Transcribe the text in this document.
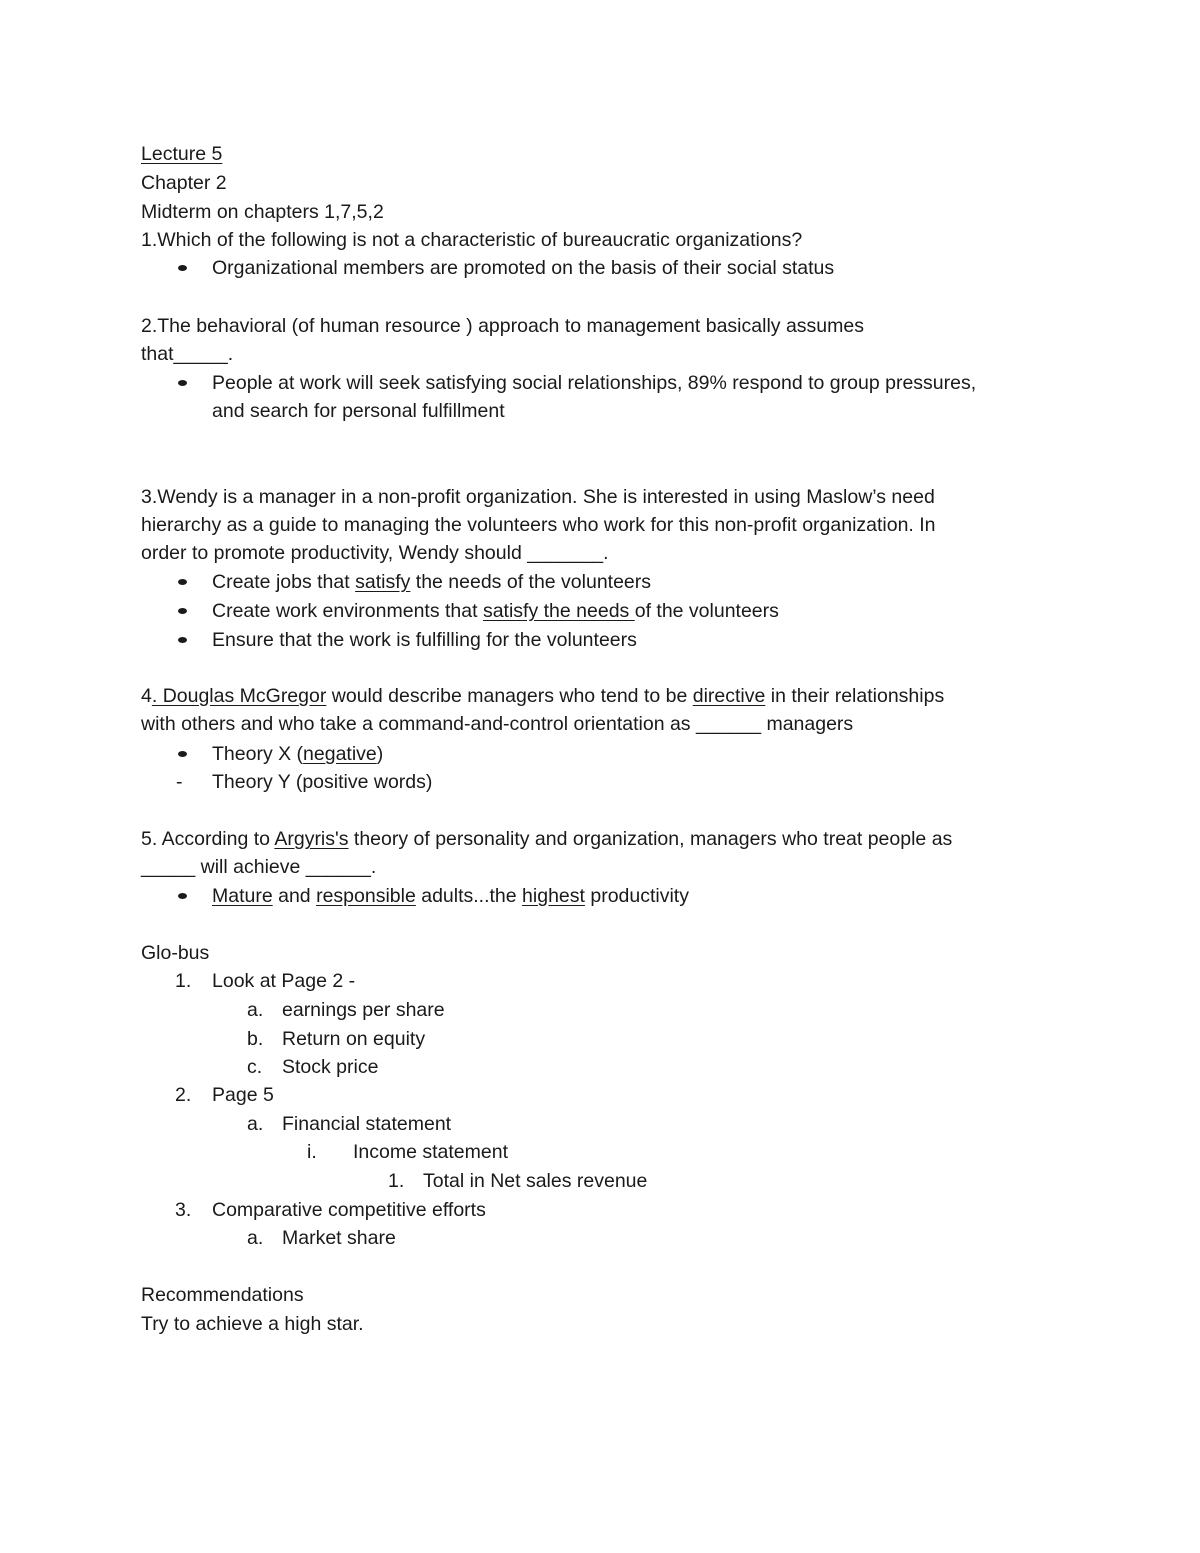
Lecture 5
Chapter 2
Midterm on chapters 1,7,5,2
1.Which of the following is not a characteristic of bureaucratic organizations?
Organizational members are promoted on the basis of their social status
2.The behavioral (of human resource ) approach to management basically assumes
that_____.
People at work will seek satisfying social relationships, 89% respond to group pressures,
and search for personal fulfillment
3.Wendy is a manager in a non-profit organization. She is interested in using Maslow’s need
hierarchy as a guide to managing the volunteers who work for this non-profit organization. In
order to promote productivity, Wendy should _______.
Create jobs that satisfy the needs of the volunteers
Create work environments that satisfy the needs of the volunteers
Ensure that the work is fulfilling for the volunteers
4. Douglas McGregor would describe managers who tend to be directive in their relationships
with others and who take a command-and-control orientation as ______ managers
Theory X (negative)
- Theory Y (positive words)
5. According to Argyris's theory of personality and organization, managers who treat people as
_____ will achieve ______.
Mature and responsible adults...the highest productivity
Glo-bus
1. Look at Page 2 -
a. earnings per share
b. Return on equity
c. Stock price
2. Page 5
a. Financial statement
i. Income statement
1. Total in Net sales revenue
3. Comparative competitive efforts
a. Market share
Recommendations
Try to achieve a high star.
